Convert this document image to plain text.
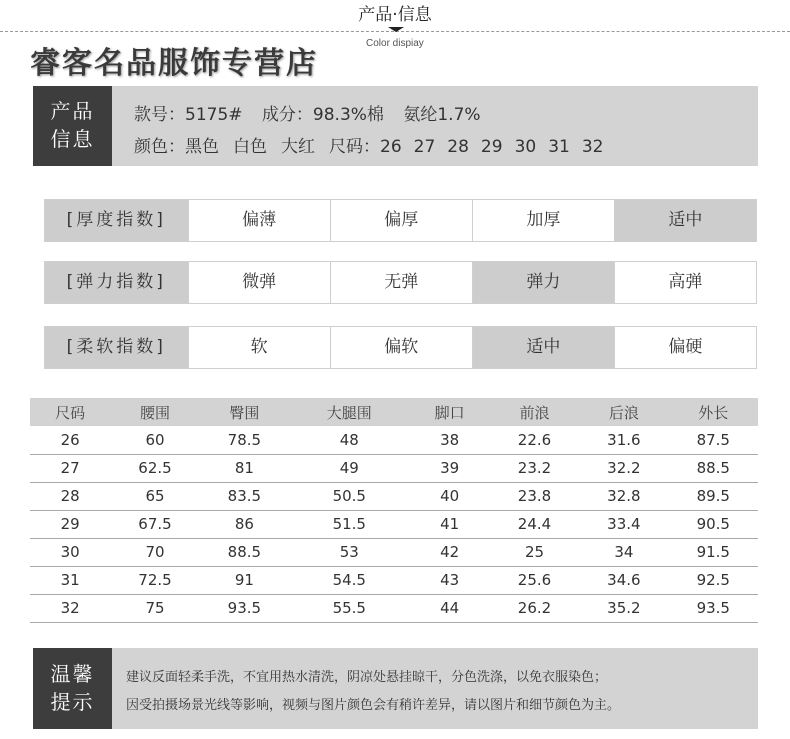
产品·信息
Color dispiay
睿客名品服饰专营店
产品
信息
款号：5175# 成分：98.3%棉 氨纶1.7%
颜色：黑色 白色 大红 尺码：26 27 28 29 30 31 32
[厚度指数]	偏薄	偏厚	加厚	适中
[弹力指数]	微弹	无弹	弹力	高弹
[柔软指数]	软	偏软	适中	偏硬
尺码	腰围	臀围	大腿围	脚口	前浪	后浪	外长
26	60	78.5	48	38	22.6	31.6	87.5
27	62.5	81	49	39	23.2	32.2	88.5
28	65	83.5	50.5	40	23.8	32.8	89.5
29	67.5	86	51.5	41	24.4	33.4	90.5
30	70	88.5	53	42	25	34	91.5
31	72.5	91	54.5	43	25.6	34.6	92.5
32	75	93.5	55.5	44	26.2	35.2	93.5
温馨
提示
建议反面轻柔手洗，不宜用热水清洗，阴凉处悬挂晾干，分色洗涤，以免衣服染色；
因受拍摄场景光线等影响，视频与图片颜色会有稍许差异，请以图片和细节颜色为主。
